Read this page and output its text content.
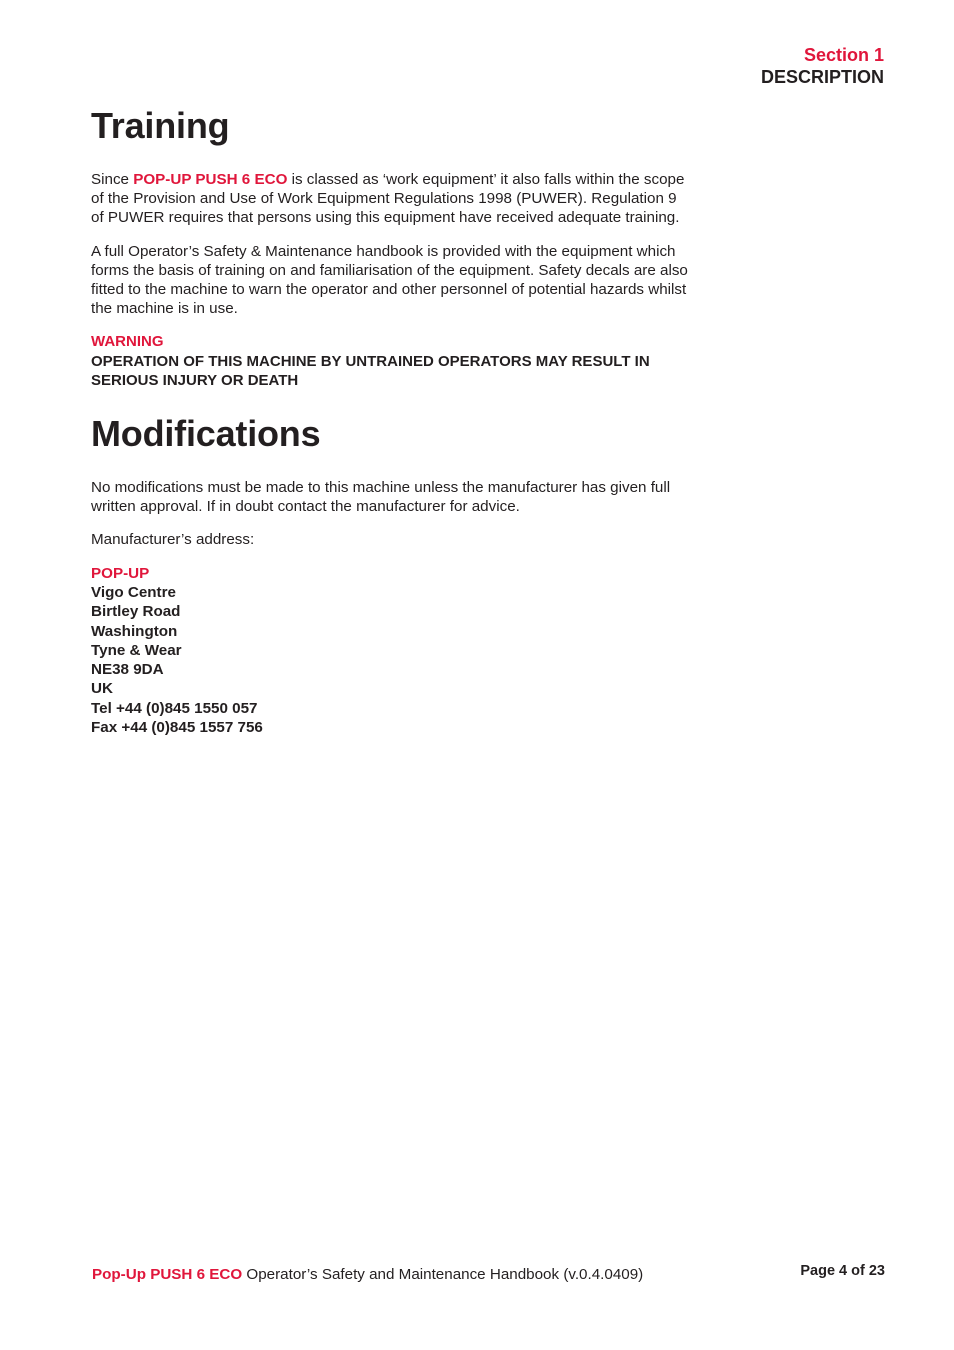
Section 1
DESCRIPTION
Training

Since POP-UP PUSH 6 ECO is classed as ‘work equipment’ it also falls within the scope of the Provision and Use of Work Equipment Regulations 1998 (PUWER). Regulation 9 of PUWER requires that persons using this equipment have received adequate training.

A full Operator’s Safety & Maintenance handbook is provided with the equipment which forms the basis of training on and familiarisation of the equipment. Safety decals are also fitted to the machine to warn the operator and other personnel of potential hazards whilst the machine is in use.

WARNING
OPERATION OF THIS MACHINE BY UNTRAINED OPERATORS MAY RESULT IN SERIOUS INJURY OR DEATH
Modifications

No modifications must be made to this machine unless the manufacturer has given full written approval. If in doubt contact the manufacturer for advice.

Manufacturer’s address:

POP-UP
Vigo Centre
Birtley Road
Washington
Tyne & Wear
NE38 9DA
UK
Tel +44 (0)845 1550 057
Fax +44 (0)845 1557 756
Pop-Up PUSH 6 ECO Operator’s Safety and Maintenance Handbook (v.0.4.0409)	Page 4 of 23
